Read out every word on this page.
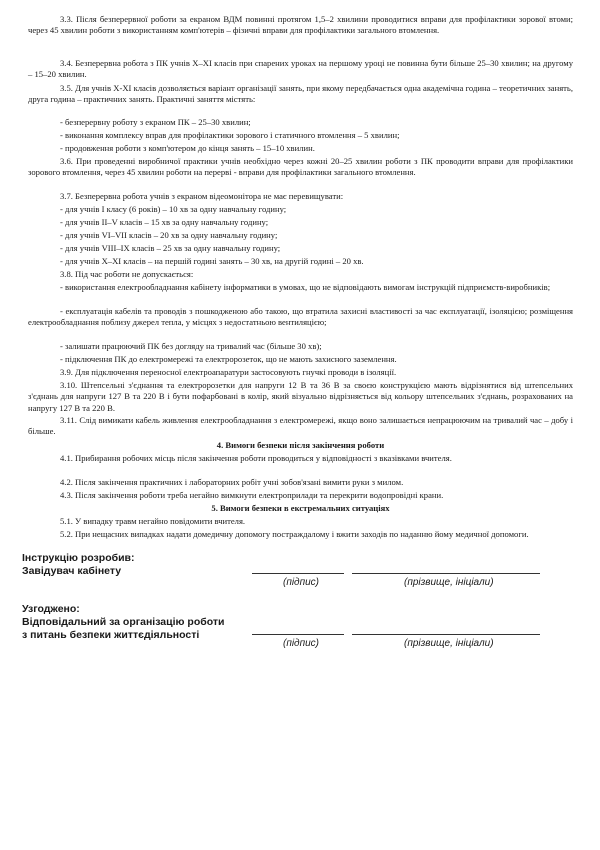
3.3. Після безперервної роботи за екраном ВДМ повинні протягом 1,5–2 хвилини проводитися вправи для профілактики зорової втоми; через 45 хвилин роботи з використанням комп'ютерів – фізичні вправи для профілактики загального втомлення.

3.4. Безперервна робота з ПК учнів X–XI класів при спарених уроках на першому уроці не повинна бути більше 25–30 хвилин; на другому – 15–20 хвилин.

3.5. Для учнів X-XI класів дозволяється варіант організації занять, при якому передбачається одна академічна година – теоретичних занять, друга година – практичних занять. Практичні заняття містять:

- безперервну роботу з екраном ПК – 25–30 хвилин;

- виконання комплексу вправ для профілактики зорового і статичного втомлення – 5 хвилин;

- продовження роботи з комп'ютером до кінця занять – 15–10 хвилин.

3.6. При проведенні виробничої практики учнів необхідно через кожні 20–25 хвилин роботи з ПК проводити вправи для профілактики зорового втомлення, через 45 хвилин роботи на перерві - вправи для профілактики загального втомлення.

3.7. Безперервна робота учнів з екраном відеомонітора не має перевищувати:

- для учнів I класу (6 років) – 10 хв за одну навчальну годину;

- для учнів II–V класів – 15 хв за одну навчальну годину;

- для учнів VI–VII класів – 20 хв за одну навчальну годину;

- для учнів VIII–IX класів – 25 хв за одну навчальну годину;

- для учнів X–XI класів – на першій годині занять – 30 хв, на другій годині – 20 хв.

3.8. Під час роботи не допускається:

- використання електрообладнання кабінету інформатики в умовах, що не відповідають вимогам інструкцій підприємств-виробників;

- експлуатація кабелів та проводів з пошкодженою або такою, що втратила захисні властивості за час експлуатації, ізоляцією; розміщення електрообладнання поблизу джерел тепла, у місцях з недостатньою вентиляцією;

- залишати працюючий ПК без догляду на тривалий час (більше 30 хв);

- підключення ПК до електромережі та електророзеток, що не мають захисного заземлення.

3.9. Для підключення переносної електроапаратури застосовують гнучкі проводи в ізоляції.

3.10. Штепсельні з'єднання та електророзетки для напруги 12 В та 36 В за своєю конструкцією мають відрізнятися від штепсельних з'єднань для напруги 127 В та 220 В і бути пофарбовані в колір, який візуально відрізняється від кольору штепсельних з'єднань, розрахованих на напругу 127 В та 220 В.

3.11. Слід вимикати кабель живлення електрообладнання з електромережі, якщо воно залишається непрацюючим на тривалий час – добу і більше.

4. Вимоги безпеки після закінчення роботи

4.1. Прибирання робочих місць після закінчення роботи проводиться у відповідності з вказівками вчителя.

4.2. Після закінчення практичних і лабораторних робіт учні зобов'язані вимити руки з милом.

4.3. Після закінчення роботи треба негайно вимкнути електроприлади та перекрити водопровідні крани.

5. Вимоги безпеки в екстремальних ситуаціях

5.1. У випадку травм негайно повідомити вчителя.

5.2. При нещасних випадках надати домедичну допомогу постраждалому і вжити заходів по наданню йому медичної допомоги.

Інструкцію розробив:

Завідувач кабінету

(підпис)	(прізвище, ініціали)

Узгоджено:

Відповідальний за організацію роботи

з питань безпеки життєдіяльності

(підпис)	(прізвище, ініціали)
